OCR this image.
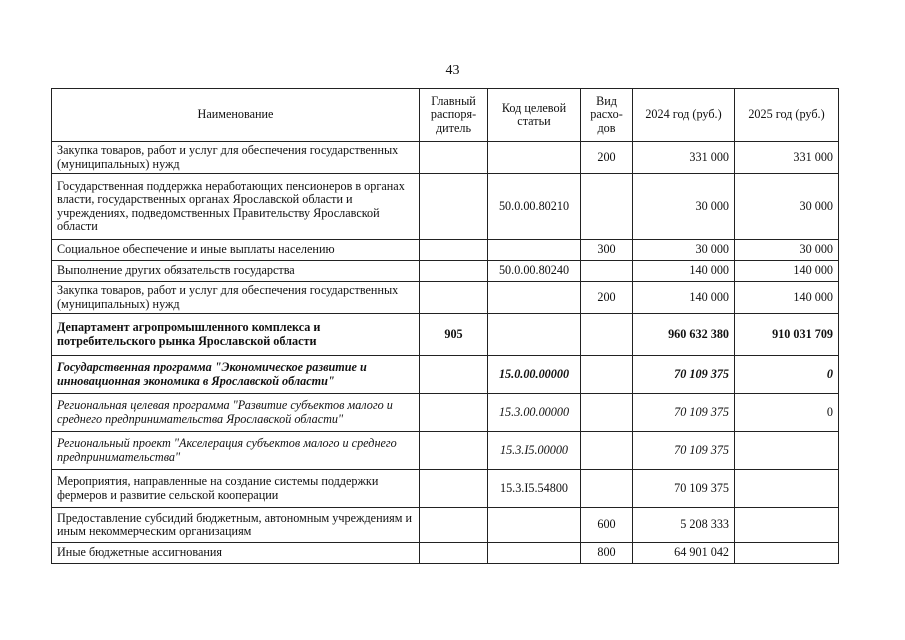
43
Наименование	Главный распоря-дитель	Код целевой статьи	Вид расхо-дов	2024 год (руб.)	2025 год (руб.)
Закупка товаров, работ и услуг для обеспечения государственных (муниципальных) нужд			200	331 000	331 000
Государственная поддержка неработающих пенсионеров в органах власти, государственных органах Ярославской области и учреждениях, подведомственных Правительству Ярославской области		50.0.00.80210		30 000	30 000
Социальное обеспечение и иные выплаты населению			300	30 000	30 000
Выполнение других обязательств государства		50.0.00.80240		140 000	140 000
Закупка товаров, работ и услуг для обеспечения государственных (муниципальных) нужд			200	140 000	140 000
Департамент агропромышленного комплекса и потребительского рынка Ярославской области	905			960 632 380	910 031 709
Государственная программа "Экономическое развитие и инновационная экономика в Ярославской области"		15.0.00.00000		70 109 375	0
Региональная целевая программа "Развитие субъектов малого и среднего предпринимательства Ярославской области"		15.3.00.00000		70 109 375	0
Региональный проект "Акселерация субъектов малого и среднего предпринимательства"		15.3.I5.00000		70 109 375	
Мероприятия, направленные на создание системы поддержки фермеров и развитие сельской кооперации		15.3.I5.54800		70 109 375	
Предоставление субсидий бюджетным, автономным учреждениям и иным некоммерческим организациям			600	5 208 333	
Иные бюджетные ассигнования			800	64 901 042	
